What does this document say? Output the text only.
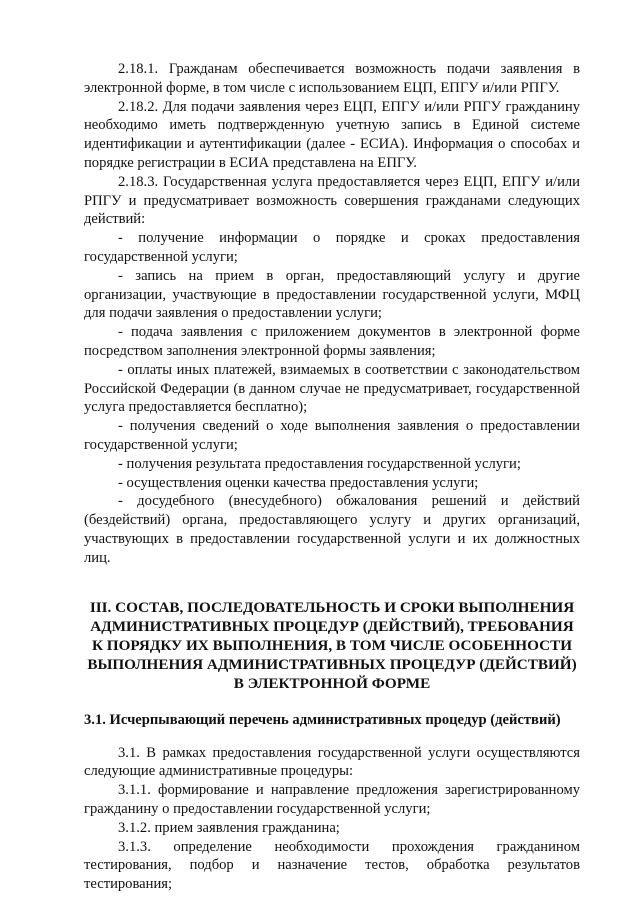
2.18.1. Гражданам обеспечивается возможность подачи заявления в электронной форме, в том числе с использованием ЕЦП, ЕПГУ и/или РПГУ.

2.18.2. Для подачи заявления через ЕЦП, ЕПГУ и/или РПГУ гражданину необходимо иметь подтвержденную учетную запись в Единой системе идентификации и аутентификации (далее - ЕСИА). Информация о способах и порядке регистрации в ЕСИА представлена на ЕПГУ.

2.18.3. Государственная услуга предоставляется через ЕЦП, ЕПГУ и/или РПГУ и предусматривает возможность совершения гражданами следующих действий:

- получение информации о порядке и сроках предоставления государственной услуги;

- запись на прием в орган, предоставляющий услугу и другие организации, участвующие в предоставлении государственной услуги, МФЦ для подачи заявления о предоставлении услуги;

- подача заявления с приложением документов в электронной форме посредством заполнения электронной формы заявления;

- оплаты иных платежей, взимаемых в соответствии с законодательством Российской Федерации (в данном случае не предусматривает, государственной услуга предоставляется бесплатно);

- получения сведений о ходе выполнения заявления о предоставлении государственной услуги;

- получения результата предоставления государственной услуги;

- осуществления оценки качества предоставления услуги;

- досудебного (внесудебного) обжалования решений и действий (бездействий) органа, предоставляющего услугу и других организаций, участвующих в предоставлении государственной услуги и их должностных лиц.

III. СОСТАВ, ПОСЛЕДОВАТЕЛЬНОСТЬ И СРОКИ ВЫПОЛНЕНИЯ АДМИНИСТРАТИВНЫХ ПРОЦЕДУР (ДЕЙСТВИЙ), ТРЕБОВАНИЯ К ПОРЯДКУ ИХ ВЫПОЛНЕНИЯ, В ТОМ ЧИСЛЕ ОСОБЕННОСТИ ВЫПОЛНЕНИЯ АДМИНИСТРАТИВНЫХ ПРОЦЕДУР (ДЕЙСТВИЙ) В ЭЛЕКТРОННОЙ ФОРМЕ
3.1. Исчерпывающий перечень административных процедур (действий)

3.1. В рамках предоставления государственной услуги осуществляются следующие административные процедуры:

3.1.1. формирование и направление предложения зарегистрированному гражданину о предоставлении государственной услуги;

3.1.2. прием заявления гражданина;

3.1.3. определение необходимости прохождения гражданином тестирования, подбор и назначение тестов, обработка результатов тестирования;
